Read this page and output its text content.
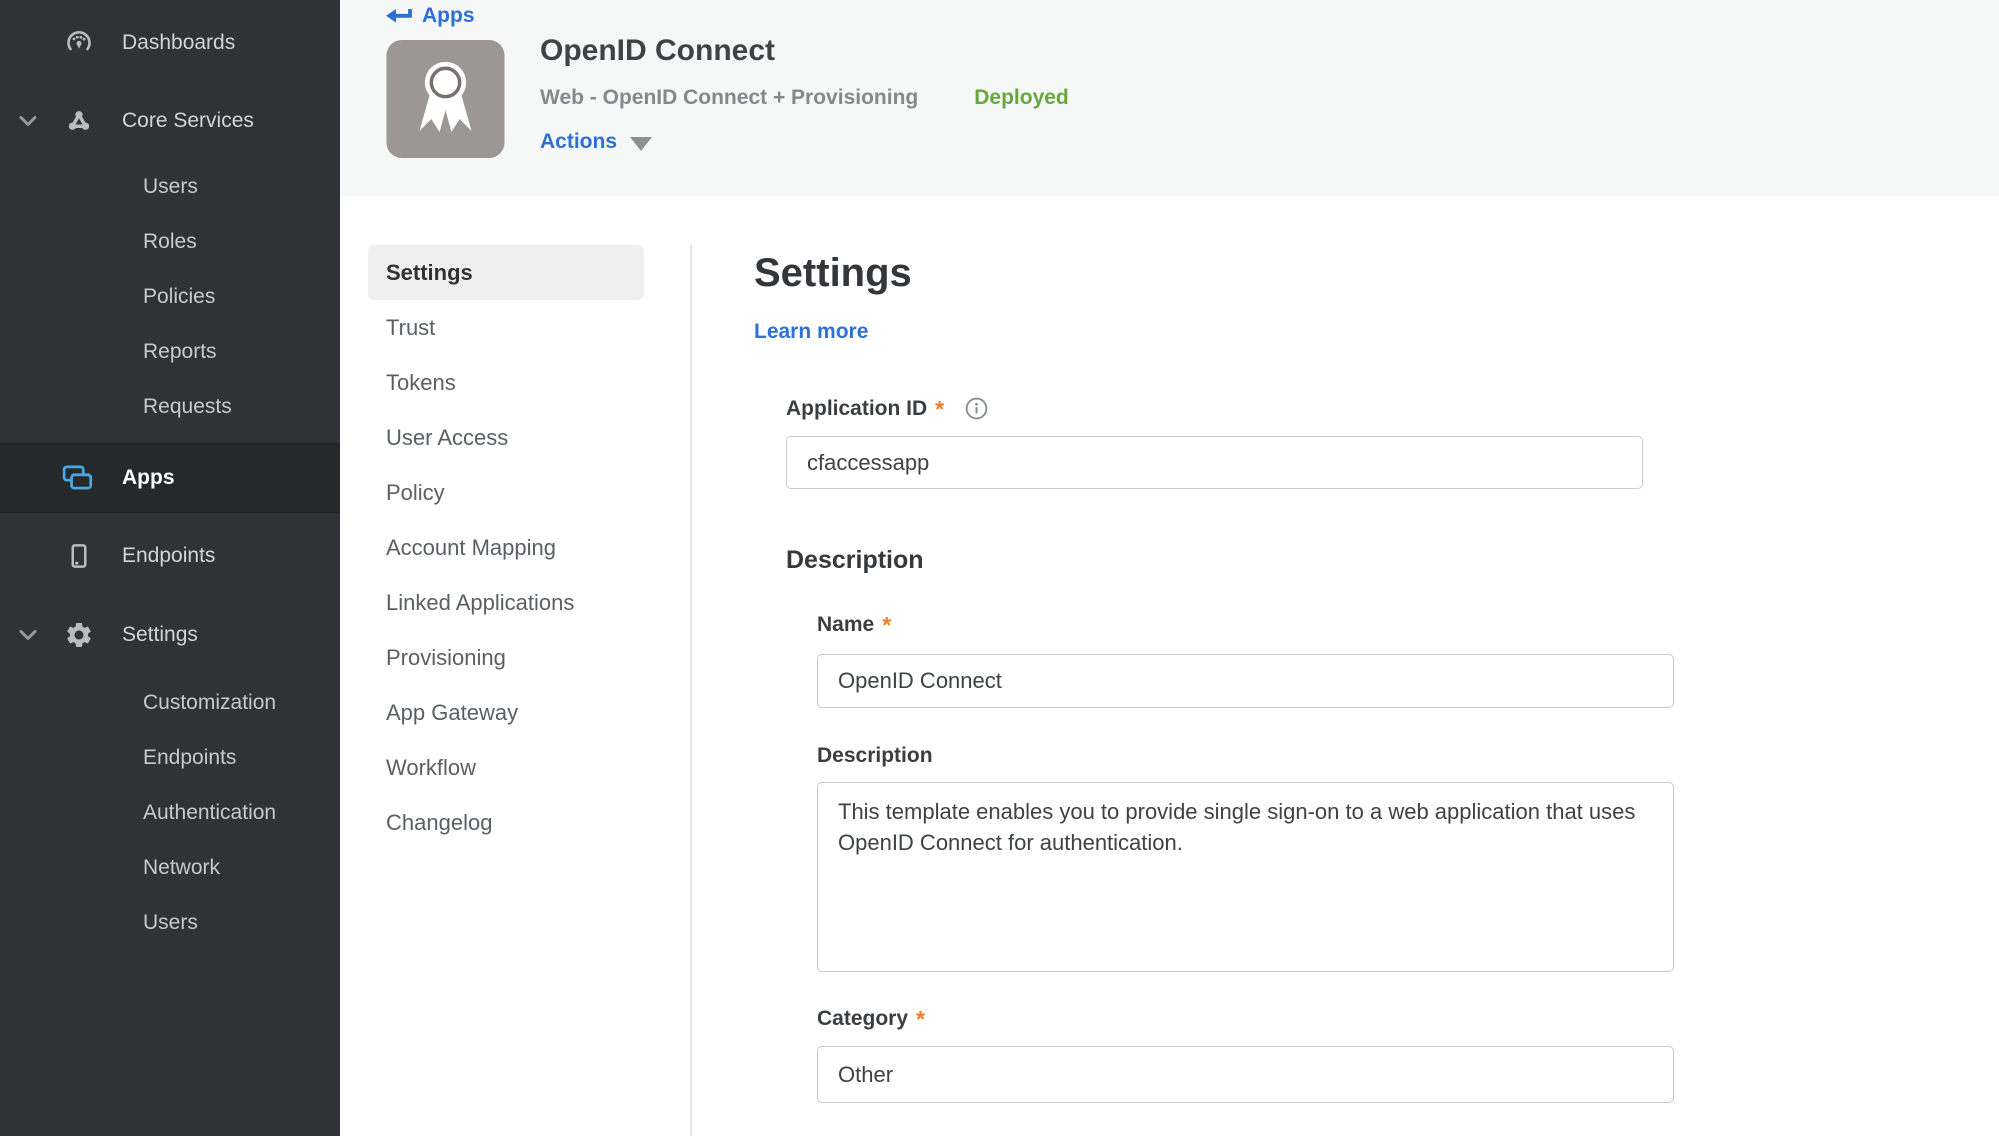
Dashboards
Core Services
Users
Roles
Policies
Reports
Requests
Apps
Endpoints
Settings
Customization
Endpoints
Authentication
Network
Users
Apps
OpenID Connect
Web - OpenID Connect + Provisioning	Deployed
Actions
Settings
Trust
Tokens
User Access
Policy
Account Mapping
Linked Applications
Provisioning
App Gateway
Workflow
Changelog
Settings
Learn more
Application ID *
cfaccessapp
Description
Name *
OpenID Connect
Description
This template enables you to provide single sign-on to a web application that uses OpenID Connect for authentication.
Category *
Other
